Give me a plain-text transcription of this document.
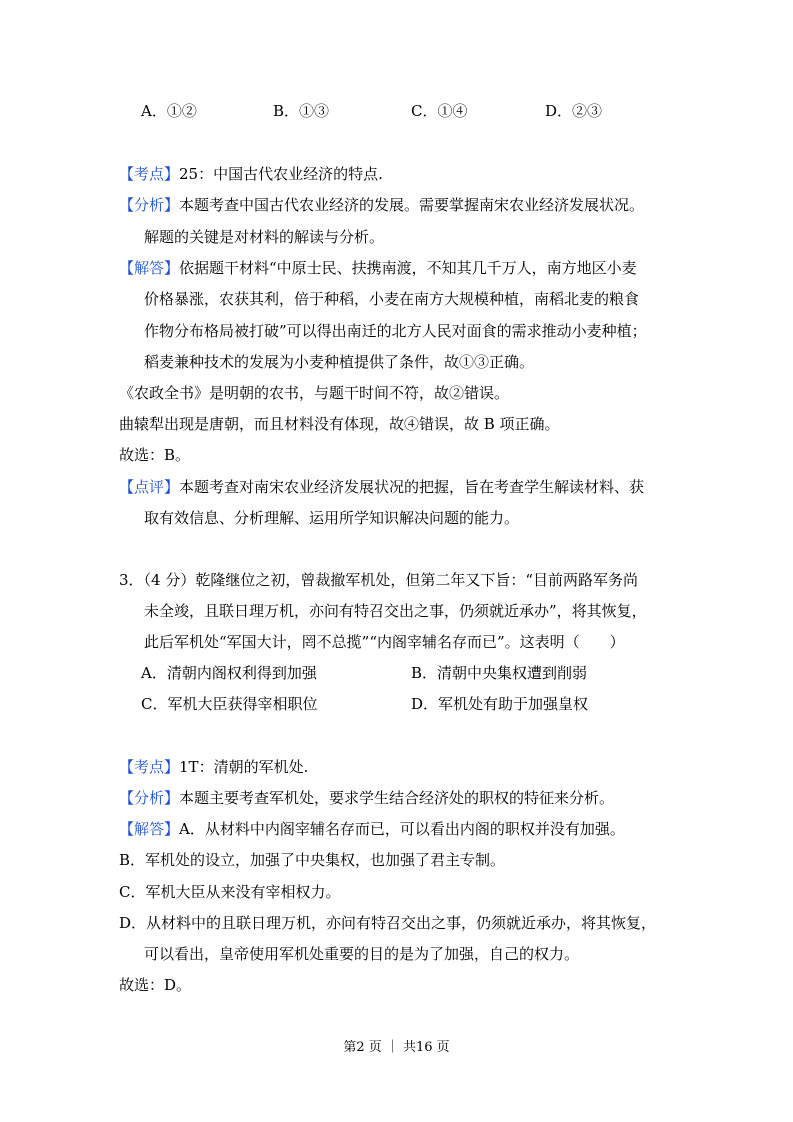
A．①②	B．①③	C．①④	D．②③
【考点】25：中国古代农业经济的特点.
【分析】本题考查中国古代农业经济的发展。需要掌握南宋农业经济发展状况。
解题的关键是对材料的解读与分析。
【解答】依据题干材料“中原士民、扶携南渡，不知其几千万人，南方地区小麦
价格暴涨，农获其利，倍于种稻，小麦在南方大规模种植，南稻北麦的粮食
作物分布格局被打破”可以得出南迁的北方人民对面食的需求推动小麦种植；
稻麦兼种技术的发展为小麦种植提供了条件，故①③正确。
《农政全书》是明朝的农书，与题干时间不符，故②错误。
曲辕犁出现是唐朝，而且材料没有体现，故④错误，故 B 项正确。
故选：B。
【点评】本题考查对南宋农业经济发展状况的把握，旨在考查学生解读材料、获
取有效信息、分析理解、运用所学知识解决问题的能力。
3．（4 分）乾隆继位之初，曾裁撤军机处，但第二年又下旨：“目前两路军务尚
未全竣，且联日理万机，亦问有特召交出之事，仍须就近承办”，将其恢复，
此后军机处“军国大计，罔不总揽”“内阁宰辅名存而已”。这表明（　　）
A．清朝内阁权利得到加强	B．清朝中央集权遭到削弱
C．军机大臣获得宰相职位	D．军机处有助于加强皇权
【考点】1T：清朝的军机处.
【分析】本题主要考查军机处，要求学生结合经济处的职权的特征来分析。
【解答】A．从材料中内阁宰辅名存而已，可以看出内阁的职权并没有加强。
B．军机处的设立，加强了中央集权，也加强了君主专制。
C．军机大臣从来没有宰相权力。
D．从材料中的且联日理万机，亦问有特召交出之事，仍须就近承办，将其恢复，
可以看出，皇帝使用军机处重要的目的是为了加强，自己的权力。
故选：D。
第2 页 ｜ 共16 页
